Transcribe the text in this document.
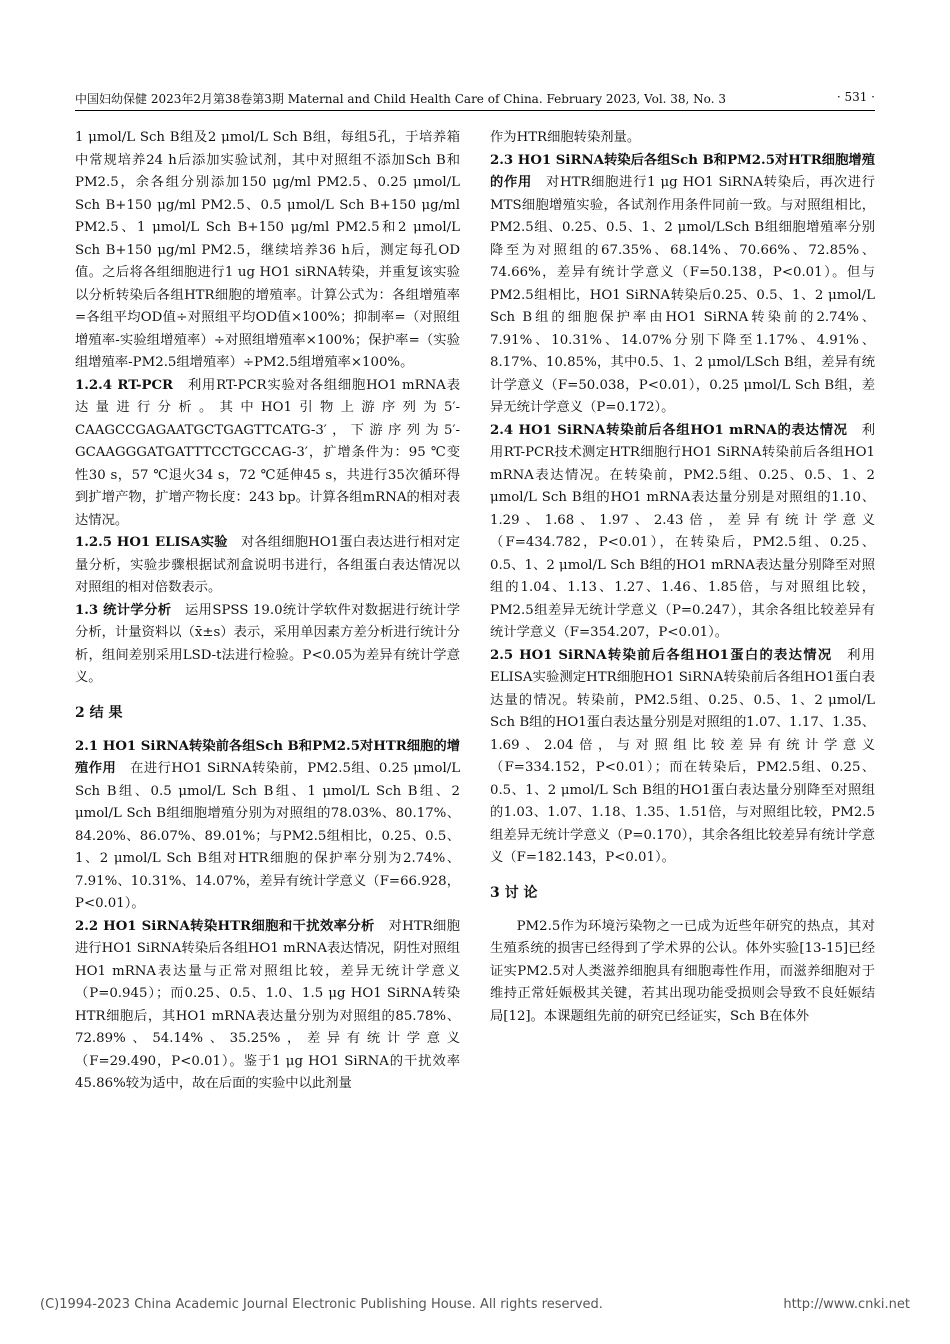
中国妇幼保健 2023年2月第38卷第3期 Maternal and Child Health Care of China. February 2023, Vol. 38, No. 3	· 531 ·

1 μmol/L Sch B组及2 μmol/L Sch B组，每组5孔，于培养箱中常规培养24 h后添加实验试剂，其中对照组不添加Sch B和PM2.5，余各组分别添加150 μg/ml PM2.5、0.25 μmol/L Sch B+150 μg/ml PM2.5、0.5 μmol/L Sch B+150 μg/ml PM2.5、1 μmol/L Sch B+150 μg/ml PM2.5和2 μmol/L Sch B+150 μg/ml PM2.5，继续培养36 h后，测定每孔OD值。之后将各组细胞进行1 ug HO1 siRNA转染，并重复该实验以分析转染后各组HTR细胞的增殖率。计算公式为：各组增殖率=各组平均OD值÷对照组平均OD值×100%；抑制率=（对照组增殖率-实验组增殖率）÷对照组增殖率×100%；保护率=（实验组增殖率-PM2.5组增殖率）÷PM2.5组增殖率×100%。

1.2.4 RT-PCR　 利用RT-PCR实验对各组细胞HO1 mRNA表达量进行分析。其中HO1引物上游序列为5′-CAAGCCGAGAATGCTGAGTTCATG-3′，下游序列为5′-GCAAGGGATGATTTCCTGCCAG-3′，扩增条件为：95 ℃变性30 s，57 ℃退火34 s，72 ℃延伸45 s，共进行35次循环得到扩增产物，扩增产物长度：243 bp。计算各组mRNA的相对表达情况。

1.2.5 HO1 ELISA实验　 对各组细胞HO1蛋白表达进行相对定量分析，实验步骤根据试剂盒说明书进行，各组蛋白表达情况以对照组的相对倍数表示。

1.3 统计学分析　 运用SPSS 19.0统计学软件对数据进行统计学分析，计量资料以（x̄±s）表示，采用单因素方差分析进行统计分析，组间差别采用LSD-t法进行检验。P<0.05为差异有统计学意义。

2 结 果

2.1 HO1 SiRNA转染前各组Sch B和PM2.5对HTR细胞的增殖作用　 在进行HO1 SiRNA转染前，PM2.5组、0.25 μmol/L Sch B组、0.5 μmol/L Sch B组、1 μmol/L Sch B组、2 μmol/L Sch B组细胞增殖分别为对照组的78.03%、80.17%、84.20%、86.07%、89.01%；与PM2.5组相比，0.25、0.5、1、2 μmol/L Sch B组对HTR细胞的保护率分别为2.74%、7.91%、10.31%、14.07%，差异有统计学意义（F=66.928，P<0.01）。

2.2 HO1 SiRNA转染HTR细胞和干扰效率分析　 对HTR细胞进行HO1 SiRNA转染后各组HO1 mRNA表达情况，阴性对照组HO1 mRNA表达量与正常对照组比较，差异无统计学意义（P=0.945）；而0.25、0.5、1.0、1.5 μg HO1 SiRNA转染HTR细胞后，其HO1 mRNA表达量分别为对照组的85.78%、72.89%、54.14%、35.25%，差异有统计学意义（F=29.490，P<0.01）。鉴于1 μg HO1 SiRNA的干扰效率45.86%较为适中，故在后面的实验中以此剂量

作为HTR细胞转染剂量。

2.3 HO1 SiRNA转染后各组Sch B和PM2.5对HTR细胞增殖的作用　 对HTR细胞进行1 μg HO1 SiRNA转染后，再次进行MTS细胞增殖实验，各试剂作用条件同前一致。与对照组相比，PM2.5组、0.25、0.5、1、2 μmol/LSch B组细胞增殖率分别降至为对照组的67.35%、68.14%、70.66%、72.85%、74.66%，差异有统计学意义（F=50.138，P<0.01）。但与PM2.5组相比，HO1 SiRNA转染后0.25、0.5、1、2 μmol/L Sch B组的细胞保护率由HO1 SiRNA转染前的2.74%、7.91%、10.31%、14.07%分别下降至1.17%、4.91%、8.17%、10.85%，其中0.5、1、2 μmol/LSch B组，差异有统计学意义（F=50.038，P<0.01），0.25 μmol/L Sch B组，差异无统计学意义（P=0.172）。

2.4 HO1 SiRNA转染前后各组HO1 mRNA的表达情况　 利用RT-PCR技术测定HTR细胞行HO1 SiRNA转染前后各组HO1 mRNA表达情况。在转染前，PM2.5组、0.25、0.5、1、2 μmol/L Sch B组的HO1 mRNA表达量分别是对照组的1.10、1.29、1.68、1.97、2.43倍，差异有统计学意义（F=434.782，P<0.01），在转染后，PM2.5组、0.25、0.5、1、2 μmol/L Sch B组的HO1 mRNA表达量分别降至对照组的1.04、1.13、1.27、1.46、1.85倍，与对照组比较，PM2.5组差异无统计学意义（P=0.247），其余各组比较差异有统计学意义（F=354.207，P<0.01）。

2.5 HO1 SiRNA转染前后各组HO1蛋白的表达情况　 利用ELISA实验测定HTR细胞HO1 SiRNA转染前后各组HO1蛋白表达量的情况。转染前，PM2.5组、0.25、0.5、1、2 μmol/L Sch B组的HO1蛋白表达量分别是对照组的1.07、1.17、1.35、1.69、2.04倍，与对照组比较差异有统计学意义（F=334.152，P<0.01）；而在转染后，PM2.5组、0.25、0.5、1、2 μmol/L Sch B组的HO1蛋白表达量分别降至对照组的1.03、1.07、1.18、1.35、1.51倍，与对照组比较，PM2.5组差异无统计学意义（P=0.170），其余各组比较差异有统计学意义（F=182.143，P<0.01）。

3 讨 论

PM2.5作为环境污染物之一已成为近些年研究的热点，其对生殖系统的损害已经得到了学术界的公认。体外实验[13-15]已经证实PM2.5对人类滋养细胞具有细胞毒性作用，而滋养细胞对于维持正常妊娠极其关键，若其出现功能受损则会导致不良妊娠结局[12]。本课题组先前的研究已经证实，Sch B在体外

(C)1994-2023 China Academic Journal Electronic Publishing House. All rights reserved.	http://www.cnki.net
